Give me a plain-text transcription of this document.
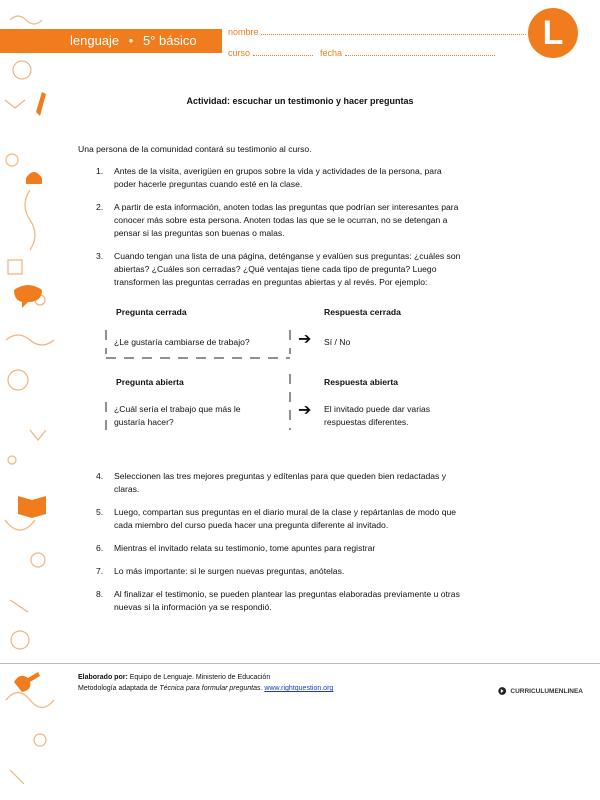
lenguaje • 5° básico
nombre
curso	fecha
L
Actividad: escuchar un testimonio y hacer preguntas
Una persona de la comunidad contará su testimonio al curso.
1.	Antes de la visita, averigüen en grupos sobre la vida y actividades de la persona, para
poder hacerle preguntas cuando esté en la clase.
2.	A partir de esta información, anoten todas las preguntas que podrían ser interesantes para
conocer más sobre esta persona. Anoten todas las que se le ocurran, no se detengan a
pensar si las preguntas son buenas o malas.
3.	Cuando tengan una lista de una página, deténganse y evalúen sus preguntas: ¿cuáles son
abiertas? ¿Cuáles son cerradas? ¿Qué ventajas tiene cada tipo de pregunta? Luego
transformen las preguntas cerradas en preguntas abiertas y al revés. Por ejemplo:
Pregunta cerrada	Respuesta cerrada
¿Le gustaría cambiarse de trabajo?	➔ Sí / No
Pregunta abierta	Respuesta abierta
¿Cuál sería el trabajo que más le
gustaría hacer?
➔ El invitado puede dar varias
respuestas diferentes.
4.	Seleccionen las tres mejores preguntas y edítenlas para que queden bien redactadas y
claras.
5.	Luego, compartan sus preguntas en el diario mural de la clase y repártanlas de modo que
cada miembro del curso pueda hacer una pregunta diferente al invitado.
6.	Mientras el invitado relata su testimonio, tome apuntes para registrar
7.	Lo más importante: si le surgen nuevas preguntas, anótelas.
8.	Al finalizar el testimonio, se pueden plantear las preguntas elaboradas previamente u otras
nuevas si la información ya se respondió.
Elaborado por: Equipo de Lenguaje. Ministerio de Educación
Metodología adaptada de Técnica para formular preguntas. www.rightquestion.org	CURRICULUMENLINEA
